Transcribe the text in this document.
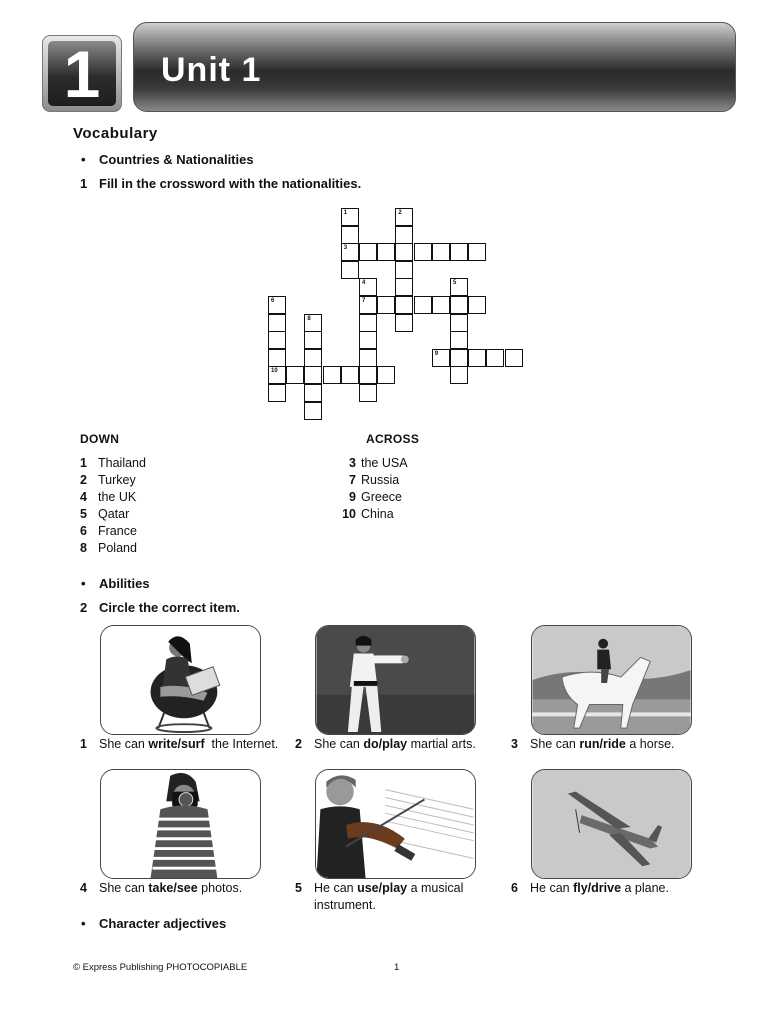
1	Unit 1
Vocabulary
• Countries & Nationalities
1 Fill in the crossword with the nationalities.
1
3
2
4
7
5
6
10
8
9
DOWN	ACROSS
1 Thailand
2 Turkey
4 the UK
5 Qatar
6 France
8 Poland
3 the USA
7 Russia
9 Greece
10 China
• Abilities
2 Circle the correct item.
1 She can write/surf  the Internet. 2 She can do/play martial arts.	3 She can run/ride a horse.
4 She can take/see photos.	5 He can use/play a musical instrument.
6 He can fly/drive a plane.
• Character adjectives
© Express Publishing PHOTOCOPIABLE	1
